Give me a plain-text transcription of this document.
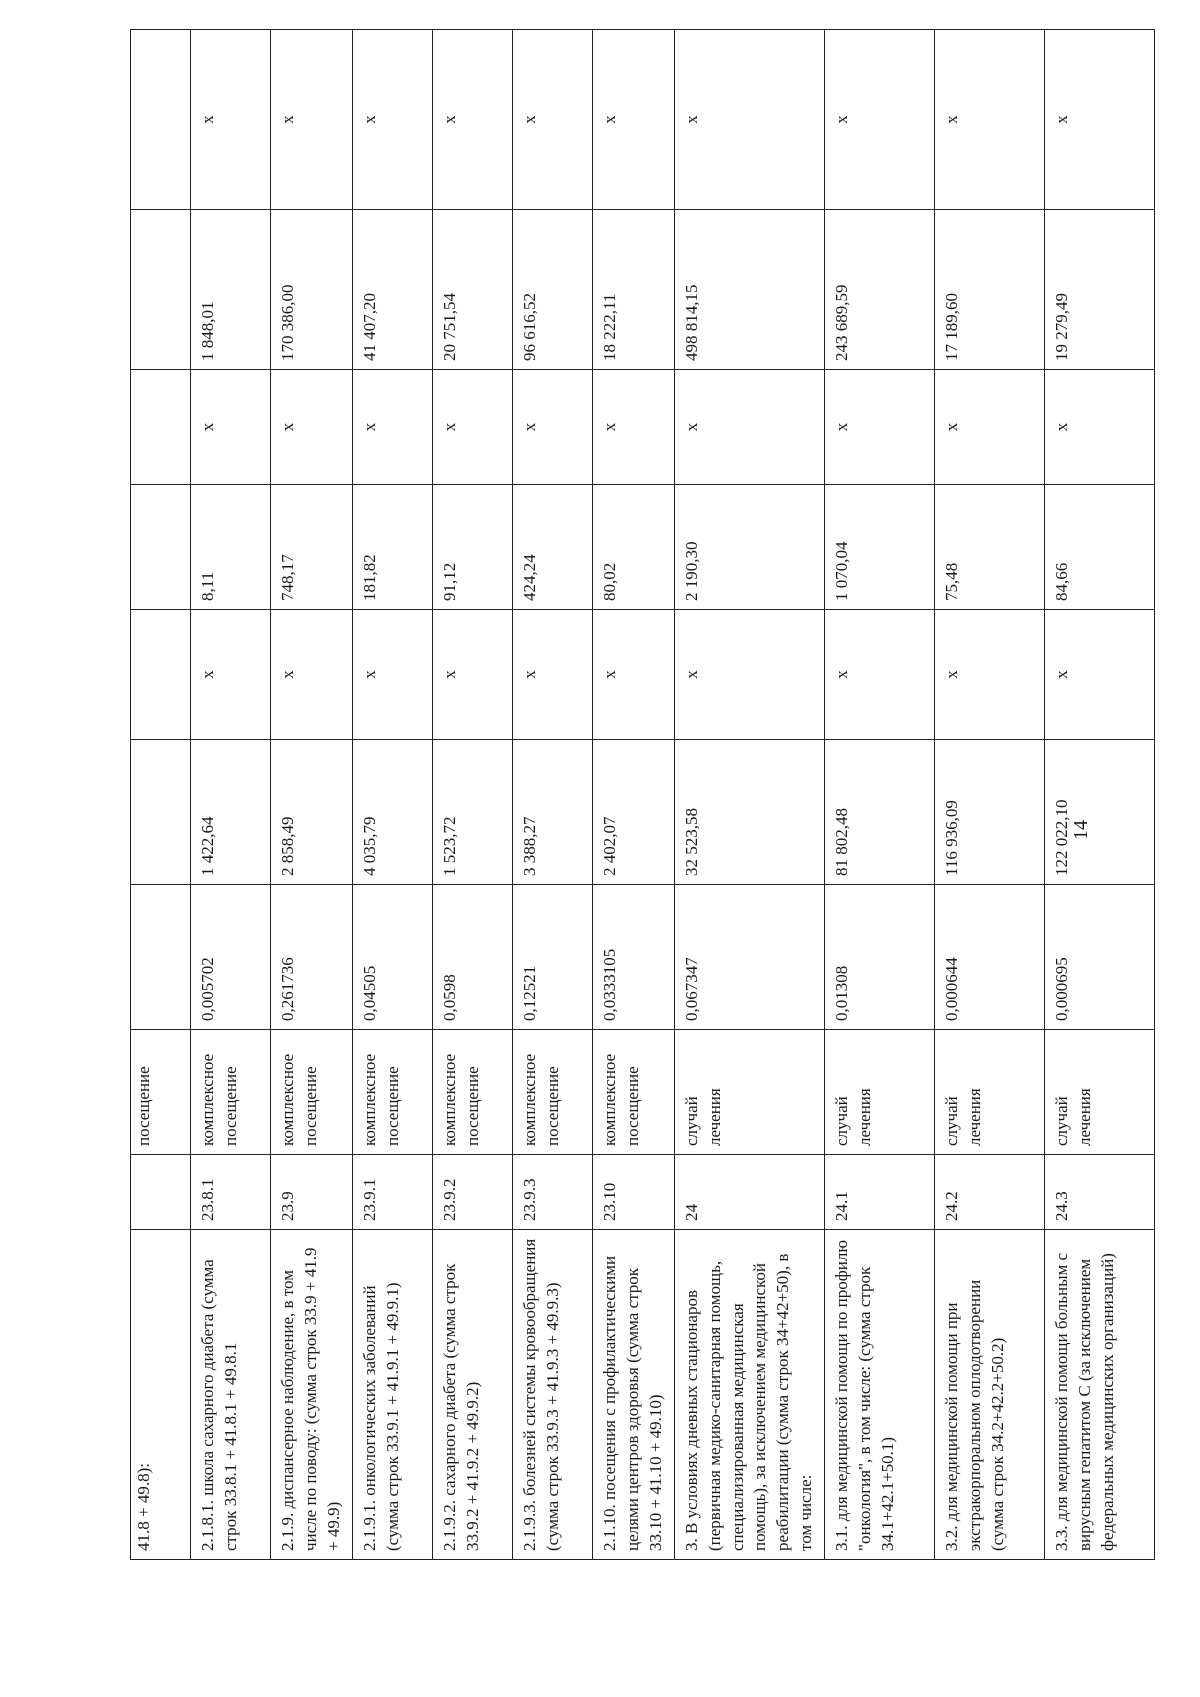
41.8 + 49.8):		посещение							
2.1.8.1. школа сахарного диабета (сумма строк 33.8.1 + 41.8.1 + 49.8.1	23.8.1	комплексное посещение	0,005702	1 422,64	х	8,11	х	1 848,01	х
2.1.9. диспансерное наблюдение, в том числе по поводу: (сумма строк 33.9 + 41.9 + 49.9)	23.9	комплексное посещение	0,261736	2 858,49	х	748,17	х	170 386,00	х
2.1.9.1. онкологических заболеваний (сумма строк 33.9.1 + 41.9.1 + 49.9.1)	23.9.1	комплексное посещение	0,04505	4 035,79	х	181,82	х	41 407,20	х
2.1.9.2. сахарного диабета (сумма строк 33.9.2 + 41.9.2 + 49.9.2)	23.9.2	комплексное посещение	0,0598	1 523,72	х	91,12	х	20 751,54	х
2.1.9.3. болезней системы кровообращения (сумма строк 33.9.3 + 41.9.3 + 49.9.3)	23.9.3	комплексное посещение	0,12521	3 388,27	х	424,24	х	96 616,52	х
2.1.10. посещения с профилактическими целями центров здоровья (сумма строк 33.10 + 41.10 + 49.10)	23.10	комплексное посещение	0,0333105	2 402,07	х	80,02	х	18 222,11	х
3. В условиях дневных стационаров (первичная медико-санитарная помощь, специализированная медицинская помощь), за исключением медицинской реабилитации (сумма строк 34+42+50), в том числе:	24	случай лечения	0,067347	32 523,58	х	2 190,30	х	498 814,15	х
3.1. для медицинской помощи по профилю "онкология", в том числе: (сумма строк 34.1+42.1+50.1)	24.1	случай лечения	0,01308	81 802,48	х	1 070,04	х	243 689,59	х
3.2. для медицинской помощи при экстракорпоральном оплодотворении (сумма строк 34.2+42.2+50.2)	24.2	случай лечения	0,000644	116 936,09	х	75,48	х	17 189,60	х
3.3. для медицинской помощи больным с вирусным гепатитом С (за исключением федеральных медицинских организаций)	24.3	случай лечения	0,000695	122 022,10	х	84,66	х	19 279,49	х
14
